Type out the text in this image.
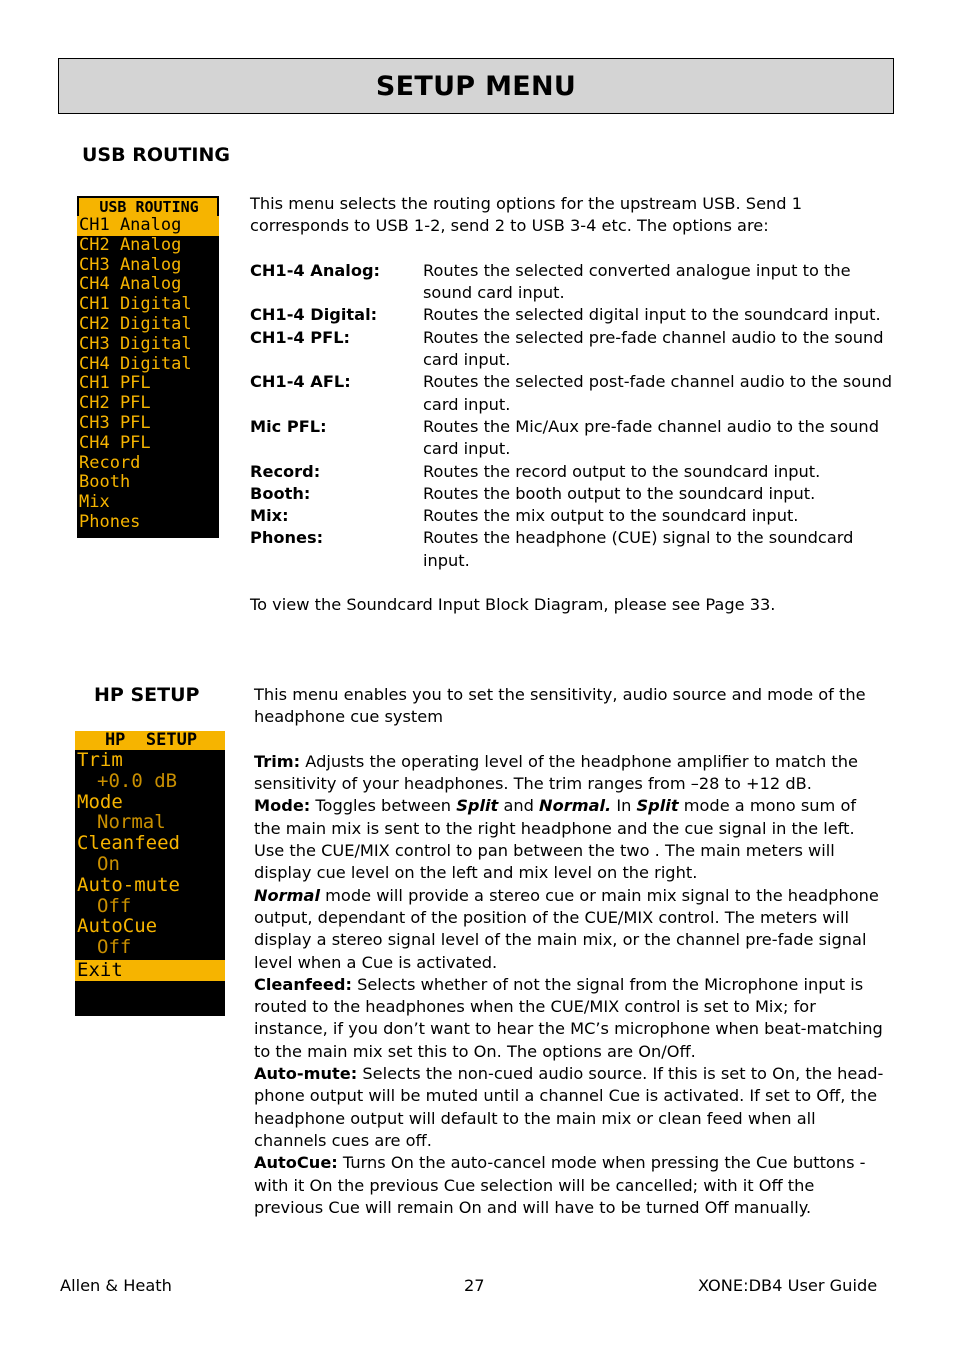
SETUP MENU
USB ROUTING
USB ROUTING
CH1 Analog
CH2 Analog
CH3 Analog
CH4 Analog
CH1 Digital
CH2 Digital
CH3 Digital
CH4 Digital
CH1 PFL
CH2 PFL
CH3 PFL
CH4 PFL
Record
Booth
Mix
Phones

This menu selects the routing options for the upstream USB. Send 1 corresponds to USB 1-2, send 2 to USB 3-4 etc. The options are:

CH1-4 Analog:	Routes the selected converted analogue input to the sound card input.
CH1-4 Digital:	Routes the selected digital input to the soundcard input.
CH1-4 PFL:	Routes the selected pre-fade channel audio to the sound card input.
CH1-4 AFL:	Routes the selected post-fade channel audio to the sound card input.
Mic PFL:	Routes the Mic/Aux pre-fade channel audio to the sound card input.
Record:	Routes the record output to the soundcard input.
Booth:	Routes the booth output to the soundcard input.
Mix:	Routes the mix output to the soundcard input.
Phones:	Routes the headphone (CUE) signal to the soundcard input.

To view the Soundcard Input Block Diagram, please see Page 33.

HP SETUP
HP  SETUP
Trim
+0.0 dB
Mode
Normal
Cleanfeed
On
Auto-mute
Off
AutoCue
Off
Exit

This menu enables you to set the sensitivity, audio source and mode of the headphone cue system

Trim: Adjusts the operating level of the headphone amplifier to match the sensitivity of your headphones. The trim ranges from –28 to +12 dB.

Mode: Toggles between Split and Normal. In Split mode a mono sum of the main mix is sent to the right headphone and the cue signal in the left. Use the CUE/MIX control to pan between the two . The main meters will display cue level on the left and mix level on the right.

Normal mode will provide a stereo cue or main mix signal to the headphone output, dependant of the position of the CUE/MIX control. The meters will display a stereo signal level of the main mix, or the channel pre-fade signal level when a Cue is activated.

Cleanfeed: Selects whether of not the signal from the Microphone input is routed to the headphones when the CUE/MIX control is set to Mix; for instance, if you don’t want to hear the MC’s microphone when beat-matching to the main mix set this to On. The options are On/Off.

Auto-mute: Selects the non-cued audio source. If this is set to On, the head-phone output will be muted until a channel Cue is activated. If set to Off, the headphone output will default to the main mix or clean feed when all channels cues are off.

AutoCue: Turns On the auto-cancel mode when pressing the Cue buttons - with it On the previous Cue selection will be cancelled; with it Off the previous Cue will remain On and will have to be turned Off manually.

Allen & Heath	27	XONE:DB4 User Guide
